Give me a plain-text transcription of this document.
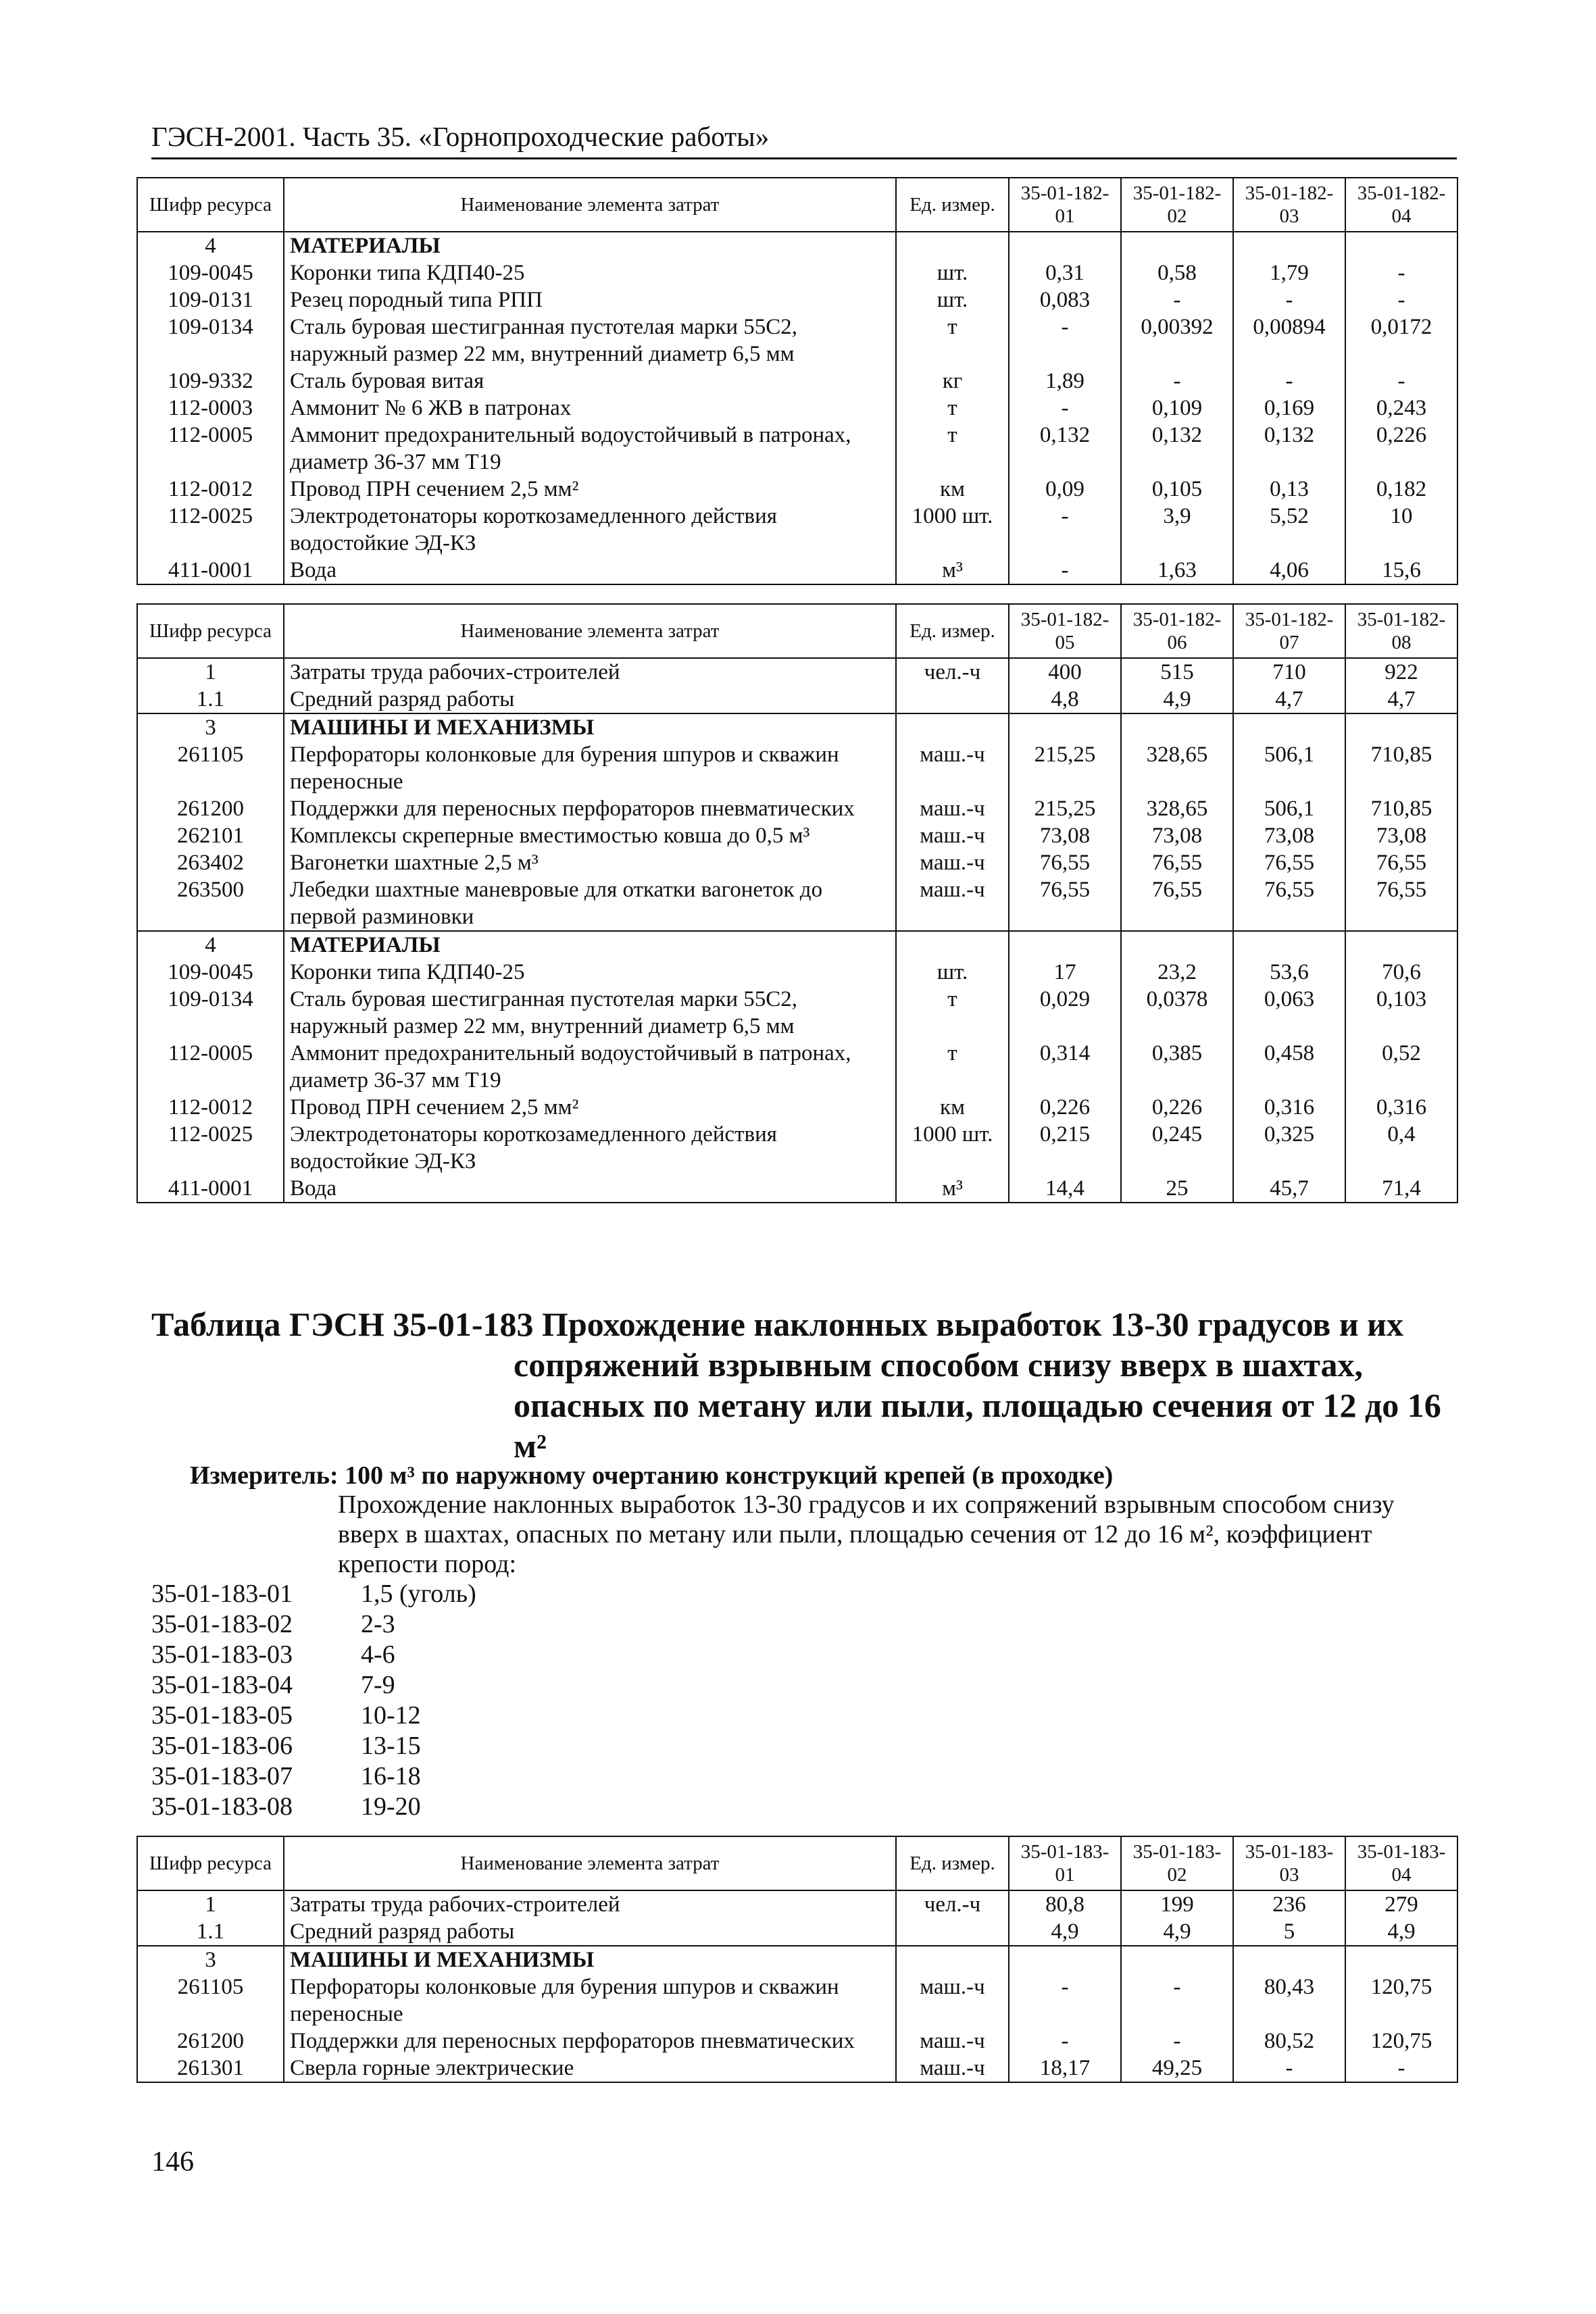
ГЭСН-2001. Часть 35. «Горнопроходческие работы»
Шифр ресурса	Наименование элемента затрат	Ед. измер.	35-01-182-01	35-01-182-02	35-01-182-03	35-01-182-04
4	МАТЕРИАЛЫ					
109-0045	Коронки типа КДП40-25	шт.	0,31	0,58	1,79	-
109-0131	Резец породный типа РПП	шт.	0,083	-	-	-
109-0134	Сталь буровая шестигранная пустотелая марки 55С2, наружный размер 22 мм, внутренний диаметр 6,5 мм	т	-	0,00392	0,00894	0,0172
109-9332	Сталь буровая витая	кг	1,89	-	-	-
112-0003	Аммонит № 6 ЖВ в патронах	т	-	0,109	0,169	0,243
112-0005	Аммонит предохранительный водоустойчивый в патронах, диаметр 36-37 мм Т19	т	0,132	0,132	0,132	0,226
112-0012	Провод ПРН сечением 2,5 мм²	км	0,09	0,105	0,13	0,182
112-0025	Электродетонаторы короткозамедленного действия водостойкие ЭД-КЗ	1000 шт.	-	3,9	5,52	10
411-0001	Вода	м³	-	1,63	4,06	15,6
Шифр ресурса	Наименование элемента затрат	Ед. измер.	35-01-182-05	35-01-182-06	35-01-182-07	35-01-182-08
1	Затраты труда рабочих-строителей	чел.-ч	400	515	710	922
1.1	Средний разряд работы		4,8	4,9	4,7	4,7
3	МАШИНЫ И МЕХАНИЗМЫ					
261105	Перфораторы колонковые для бурения шпуров и скважин переносные	маш.-ч	215,25	328,65	506,1	710,85
261200	Поддержки для переносных перфораторов пневматических	маш.-ч	215,25	328,65	506,1	710,85
262101	Комплексы скреперные вместимостью ковша до 0,5 м³	маш.-ч	73,08	73,08	73,08	73,08
263402	Вагонетки шахтные 2,5 м³	маш.-ч	76,55	76,55	76,55	76,55
263500	Лебедки шахтные маневровые для откатки вагонеток до первой разминовки	маш.-ч	76,55	76,55	76,55	76,55
4	МАТЕРИАЛЫ					
109-0045	Коронки типа КДП40-25	шт.	17	23,2	53,6	70,6
109-0134	Сталь буровая шестигранная пустотелая марки 55С2, наружный размер 22 мм, внутренний диаметр 6,5 мм	т	0,029	0,0378	0,063	0,103
112-0005	Аммонит предохранительный водоустойчивый в патронах, диаметр 36-37 мм Т19	т	0,314	0,385	0,458	0,52
112-0012	Провод ПРН сечением 2,5 мм²	км	0,226	0,226	0,316	0,316
112-0025	Электродетонаторы короткозамедленного действия водостойкие ЭД-КЗ	1000 шт.	0,215	0,245	0,325	0,4
411-0001	Вода	м³	14,4	25	45,7	71,4
Таблица ГЭСН 35-01-183 Прохождение наклонных выработок 13-30 градусов и их
сопряжений взрывным способом снизу вверх в шахтах,
опасных по метану или пыли, площадью сечения от 12 до 16
м²
Измеритель: 100 м³ по наружному очертанию конструкций крепей (в проходке)
Прохождение наклонных выработок 13-30 градусов и их сопряжений взрывным способом снизу вверх в шахтах, опасных по метану или пыли, площадью сечения от 12 до 16 м², коэффициент крепости пород:
35-01-183-01	1,5 (уголь)
35-01-183-02	2-3
35-01-183-03	4-6
35-01-183-04	7-9
35-01-183-05	10-12
35-01-183-06	13-15
35-01-183-07	16-18
35-01-183-08	19-20
Шифр ресурса	Наименование элемента затрат	Ед. измер.	35-01-183-01	35-01-183-02	35-01-183-03	35-01-183-04
1	Затраты труда рабочих-строителей	чел.-ч	80,8	199	236	279
1.1	Средний разряд работы		4,9	4,9	5	4,9
3	МАШИНЫ И МЕХАНИЗМЫ					
261105	Перфораторы колонковые для бурения шпуров и скважин переносные	маш.-ч	-	-	80,43	120,75
261200	Поддержки для переносных перфораторов пневматических	маш.-ч	-	-	80,52	120,75
261301	Сверла горные электрические	маш.-ч	18,17	49,25	-	-
146
